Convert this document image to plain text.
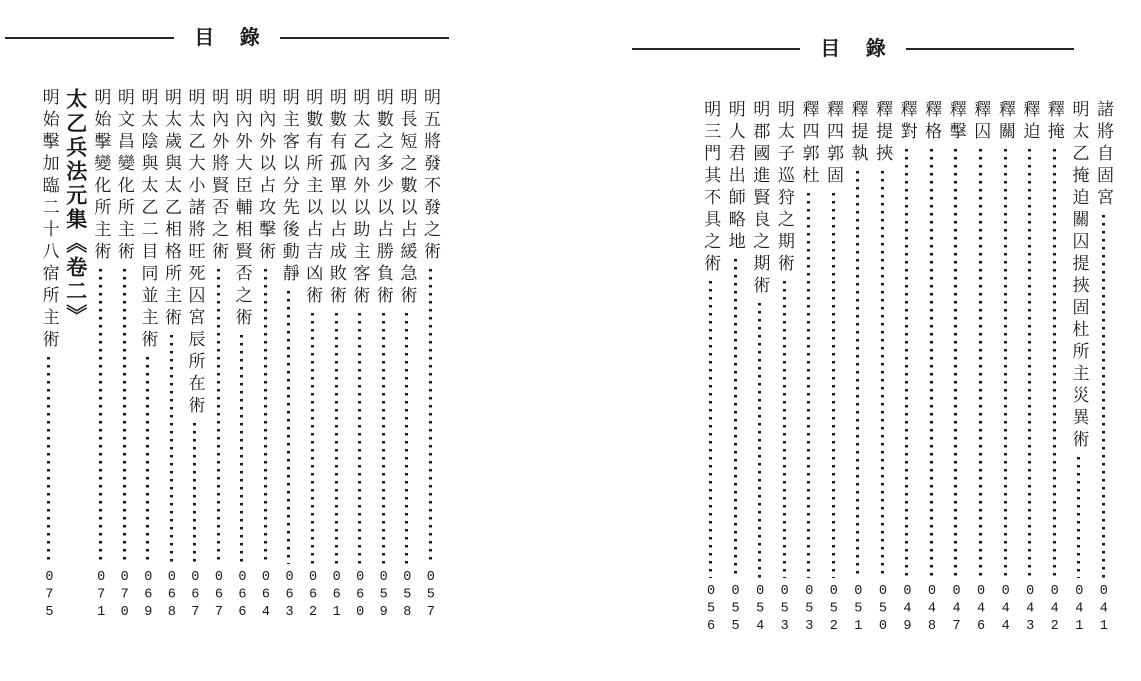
目 錄	目 錄
明五將發不發之術
057
明長短之數以占緩急術
058
明數之多少以占勝負術
059
明太乙內外以助主客術
060
明數有孤單以占成敗術
061
明數有所主以占吉凶術
062
明主客以分先後動靜
063
明內外以占攻擊術
064
明內外大臣輔相賢否之術
066
明內外將賢否之術
067
明太乙大小諸將旺死囚宮辰所在術
067
明太歲與太乙相格所主術
068
明太陰與太乙二目同並主術
069
明文昌變化所主術
070
明始擊變化所主術
071
太乙兵法元集《卷二》
明始擊加臨二十八宿所主術
075
諸將自固宮
041
明太乙掩迫關囚提挾固杜所主災異術
041
釋掩
042
釋迫
043
釋關
044
釋囚
046
釋擊
047
釋格
048
釋對
049
釋提挾
050
釋提執
051
釋四郭固
052
釋四郭杜
053
明太子巡狩之期術
053
明郡國進賢良之期術
054
明人君出師略地
055
明三門其不具之術
056
